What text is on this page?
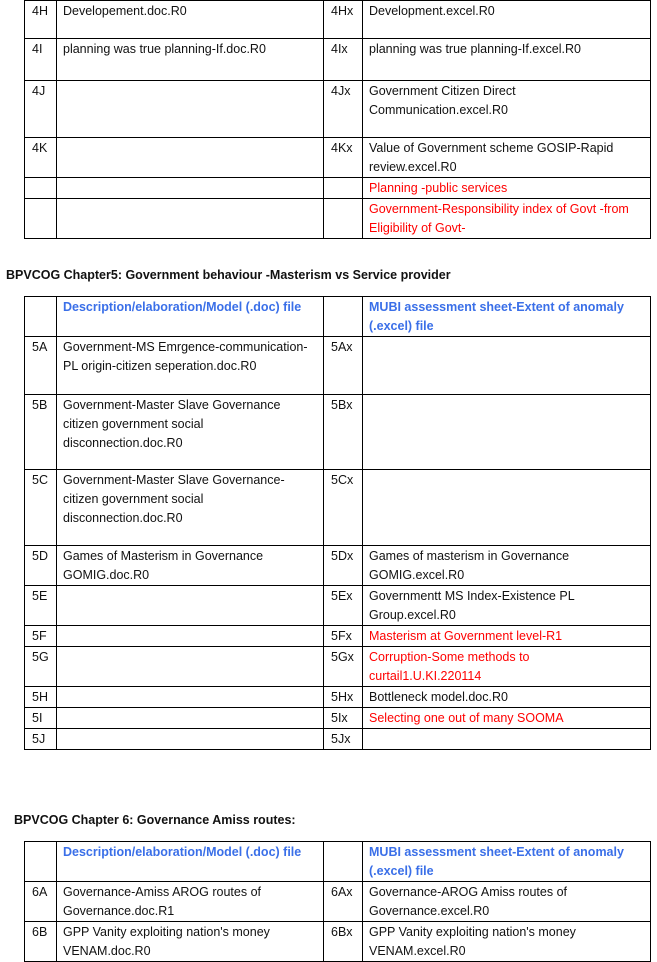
4H	Developement.doc.R0	4Hx	Development.excel.R0
4I	planning was true planning-If.doc.R0	4Ix	planning was true planning-If.excel.R0
4J		4Jx	Government Citizen Direct Communication.excel.R0
4K		4Kx	Value of Government scheme GOSIP-Rapid review.excel.R0
			Planning -public services
			Government-Responsibility index of Govt -from Eligibility of Govt-
BPVCOG Chapter5: Government behaviour -Masterism vs Service provider
	Description/elaboration/Model (.doc) file		MUBI assessment sheet-Extent of anomaly (.excel) file
5A	Government-MS Emrgence-communication-PL origin-citizen seperation.doc.R0	5Ax	
5B	Government-Master Slave Governance citizen government social disconnection.doc.R0	5Bx	
5C	Government-Master Slave Governance-citizen government social disconnection.doc.R0	5Cx	
5D	Games of Masterism in Governance GOMIG.doc.R0	5Dx	Games of masterism in Governance GOMIG.excel.R0
5E		5Ex	Governmentt MS Index-Existence PL Group.excel.R0
5F		5Fx	Masterism at Government level-R1
5G		5Gx	Corruption-Some methods to curtail1.U.KI.220114
5H		5Hx	Bottleneck model.doc.R0
5I		5Ix	Selecting one out of many SOOMA
5J		5Jx	
BPVCOG Chapter 6: Governance Amiss routes:
	Description/elaboration/Model (.doc) file		MUBI assessment sheet-Extent of anomaly (.excel) file
6A	Governance-Amiss AROG routes of Governance.doc.R1	6Ax	Governance-AROG Amiss routes of Governance.excel.R0
6B	GPP Vanity exploiting nation's money VENAM.doc.R0	6Bx	GPP Vanity exploiting nation's money VENAM.excel.R0
